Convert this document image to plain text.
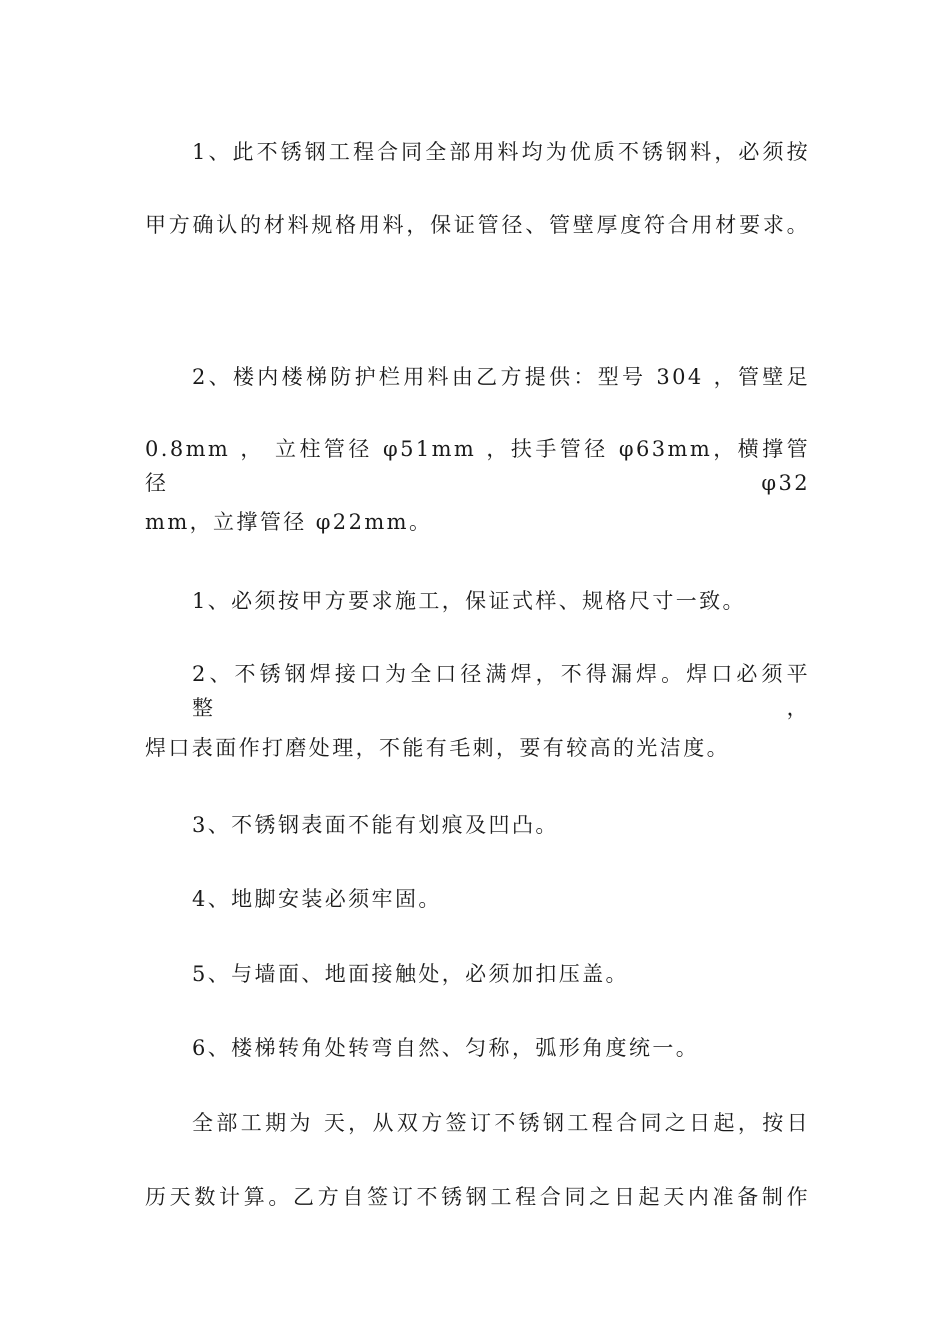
1、此不锈钢工程合同全部用料均为优质不锈钢料，必须按
甲方确认的材料规格用料，保证管径、管壁厚度符合用材要求。
2、楼内楼梯防护栏用料由乙方提供：型号 304 ，管壁足
0.8mm ， 立柱管径 φ51mm ，扶手管径 φ63mm，横撑管径 φ32
mm，立撑管径 φ22mm。
1、必须按甲方要求施工，保证式样、规格尺寸一致。
2、不锈钢焊接口为全口径满焊，不得漏焊。焊口必须平整，
焊口表面作打磨处理，不能有毛刺，要有较高的光洁度。
3、不锈钢表面不能有划痕及凹凸。
4、地脚安装必须牢固。
5、与墙面、地面接触处，必须加扣压盖。
6、楼梯转角处转弯自然、匀称，弧形角度统一。
全部工期为 天，从双方签订不锈钢工程合同之日起，按日
历天数计算。乙方自签订不锈钢工程合同之日起天内准备制作
